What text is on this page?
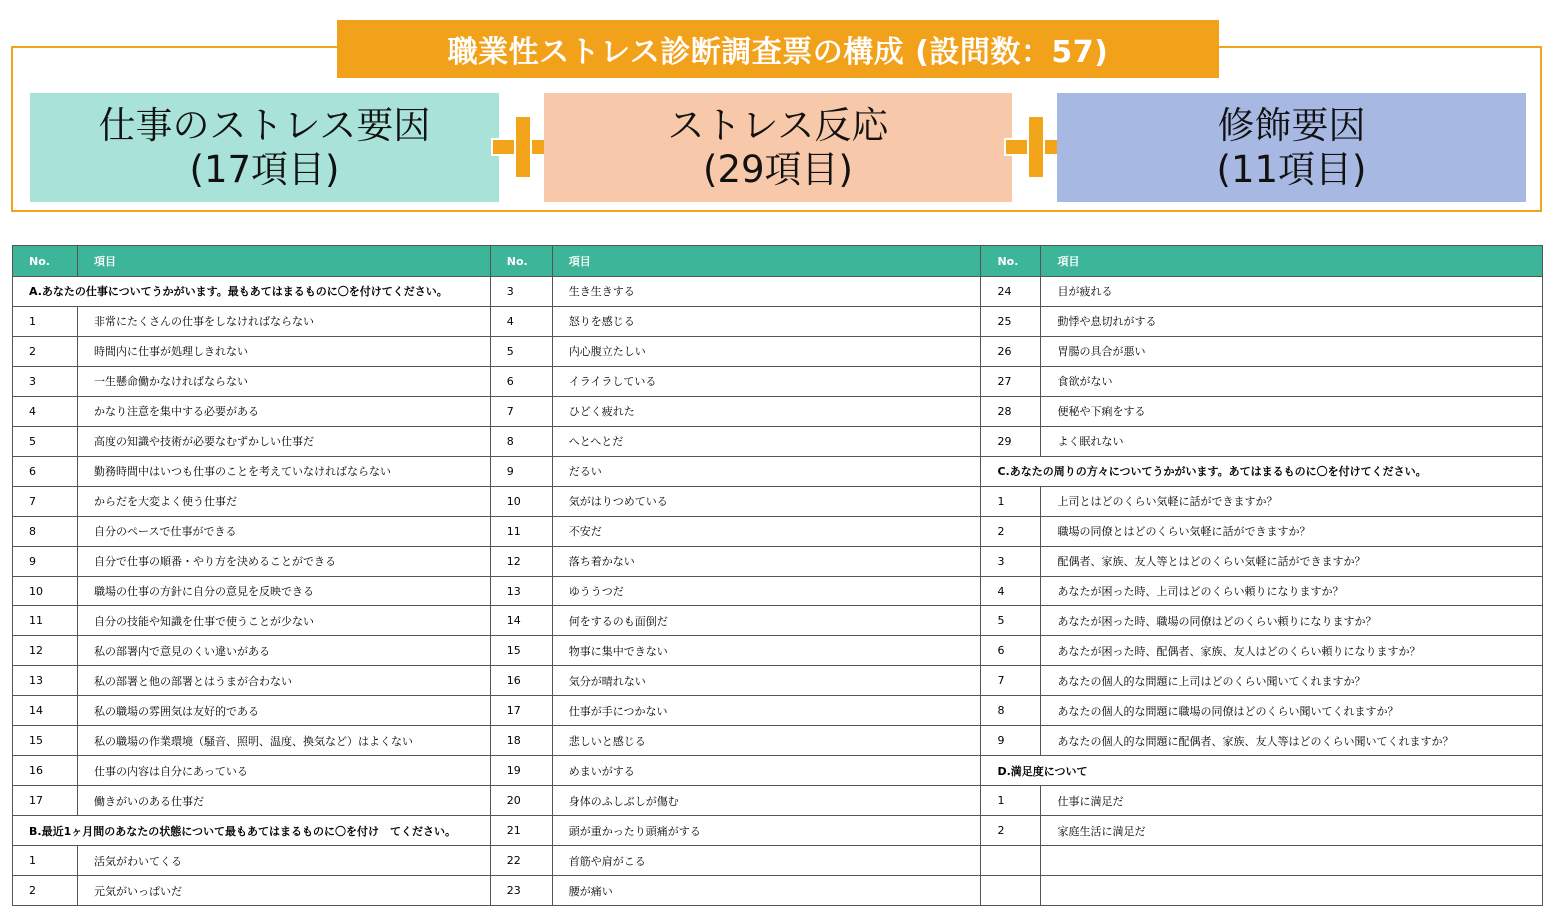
職業性ストレス診断調査票の構成 (設問数：57)
仕事のストレス要因
(17項目)
ストレス反応
(29項目)
修飾要因
(11項目)
No.	項目
A.あなたの仕事についてうかがいます。最もあてはまるものに〇を付けてください。
1	非常にたくさんの仕事をしなければならない
2	時間内に仕事が処理しきれない
3	一生懸命働かなければならない
4	かなり注意を集中する必要がある
5	高度の知識や技術が必要なむずかしい仕事だ
6	勤務時間中はいつも仕事のことを考えていなければならない
7	からだを大変よく使う仕事だ
8	自分のペースで仕事ができる
9	自分で仕事の順番・やり方を決めることができる
10	職場の仕事の方針に自分の意見を反映できる
11	自分の技能や知識を仕事で使うことが少ない
12	私の部署内で意見のくい違いがある
13	私の部署と他の部署とはうまが合わない
14	私の職場の雰囲気は友好的である
15	私の職場の作業環境（騒音、照明、温度、換気など）はよくない
16	仕事の内容は自分にあっている
17	働きがいのある仕事だ
B.最近1ヶ月間のあなたの状態について最もあてはまるものに〇を付け　てください。
1	活気がわいてくる
2	元気がいっぱいだ
No.	項目
3	生き生きする
4	怒りを感じる
5	内心腹立たしい
6	イライラしている
7	ひどく疲れた
8	へとへとだ
9	だるい
10	気がはりつめている
11	不安だ
12	落ち着かない
13	ゆううつだ
14	何をするのも面倒だ
15	物事に集中できない
16	気分が晴れない
17	仕事が手につかない
18	悲しいと感じる
19	めまいがする
20	身体のふしぶしが傷む
21	頭が重かったり頭痛がする
22	首筋や肩がこる
23	腰が痛い
No.	項目
24	目が疲れる
25	動悸や息切れがする
26	胃腸の具合が悪い
27	食欲がない
28	便秘や下痢をする
29	よく眠れない
C.あなたの周りの方々についてうかがいます。あてはまるものに〇を付けてください。
1	上司とはどのくらい気軽に話ができますか？
2	職場の同僚とはどのくらい気軽に話ができますか？
3	配偶者、家族、友人等とはどのくらい気軽に話ができますか？
4	あなたが困った時、上司はどのくらい頼りになりますか？
5	あなたが困った時、職場の同僚はどのくらい頼りになりますか？
6	あなたが困った時、配偶者、家族、友人はどのくらい頼りになりますか？
7	あなたの個人的な問題に上司はどのくらい聞いてくれますか？
8	あなたの個人的な問題に職場の同僚はどのくらい聞いてくれますか？
9	あなたの個人的な問題に配偶者、家族、友人等はどのくらい聞いてくれますか？
D.満足度について
1	仕事に満足だ
2	家庭生活に満足だ
